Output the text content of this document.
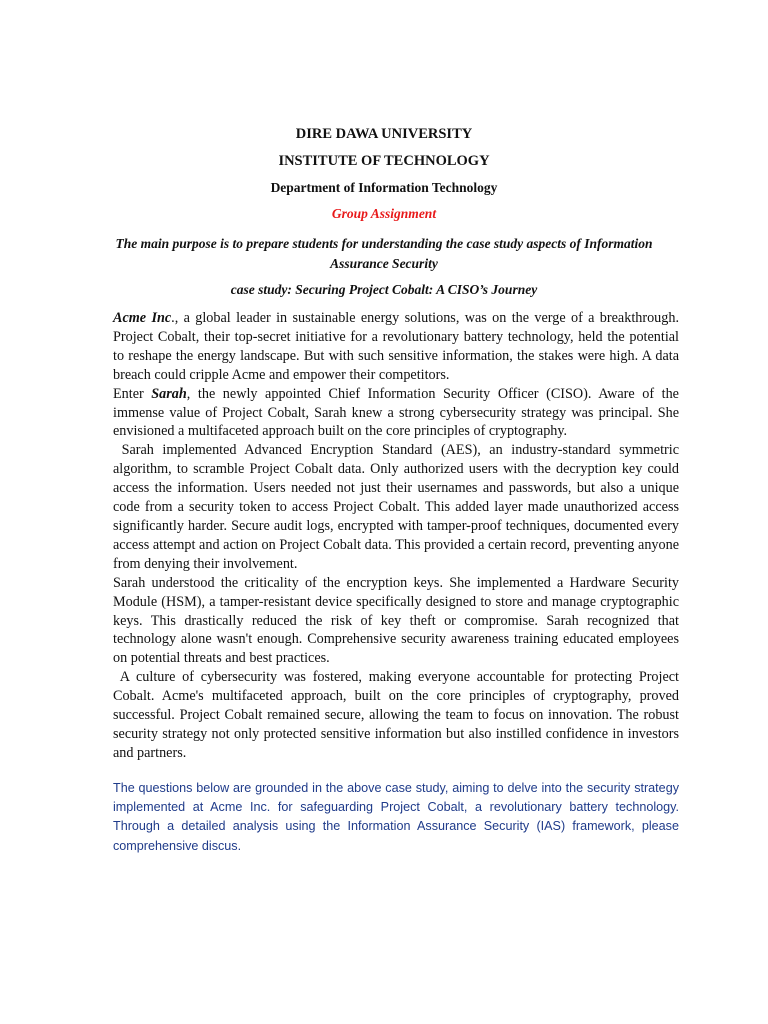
DIRE DAWA UNIVERSITY
INSTITUTE OF TECHNOLOGY
Department of Information Technology
Group Assignment
The main purpose is to prepare students for understanding the case study aspects of Information Assurance Security
case study: Securing Project Cobalt: A CISO’s Journey

Acme Inc., a global leader in sustainable energy solutions, was on the verge of a breakthrough. Project Cobalt, their top-secret initiative for a revolutionary battery technology, held the potential to reshape the energy landscape. But with such sensitive information, the stakes were high. A data breach could cripple Acme and empower their competitors.

Enter Sarah, the newly appointed Chief Information Security Officer (CISO). Aware of the immense value of Project Cobalt, Sarah knew a strong cybersecurity strategy was principal. She envisioned a multifaceted approach built on the core principles of cryptography.

Sarah implemented Advanced Encryption Standard (AES), an industry-standard symmetric algorithm, to scramble Project Cobalt data. Only authorized users with the decryption key could access the information. Users needed not just their usernames and passwords, but also a unique code from a security token to access Project Cobalt. This added layer made unauthorized access significantly harder. Secure audit logs, encrypted with tamper-proof techniques, documented every access attempt and action on Project Cobalt data. This provided a certain record, preventing anyone from denying their involvement.

Sarah understood the criticality of the encryption keys. She implemented a Hardware Security Module (HSM), a tamper-resistant device specifically designed to store and manage cryptographic keys. This drastically reduced the risk of key theft or compromise. Sarah recognized that technology alone wasn't enough. Comprehensive security awareness training educated employees on potential threats and best practices.

A culture of cybersecurity was fostered, making everyone accountable for protecting Project Cobalt. Acme's multifaceted approach, built on the core principles of cryptography, proved successful. Project Cobalt remained secure, allowing the team to focus on innovation. The robust security strategy not only protected sensitive information but also instilled confidence in investors and partners.

The questions below are grounded in the above case study, aiming to delve into the security strategy implemented at Acme Inc. for safeguarding Project Cobalt, a revolutionary battery technology. Through a detailed analysis using the Information Assurance Security (IAS) framework, please comprehensive discus.
